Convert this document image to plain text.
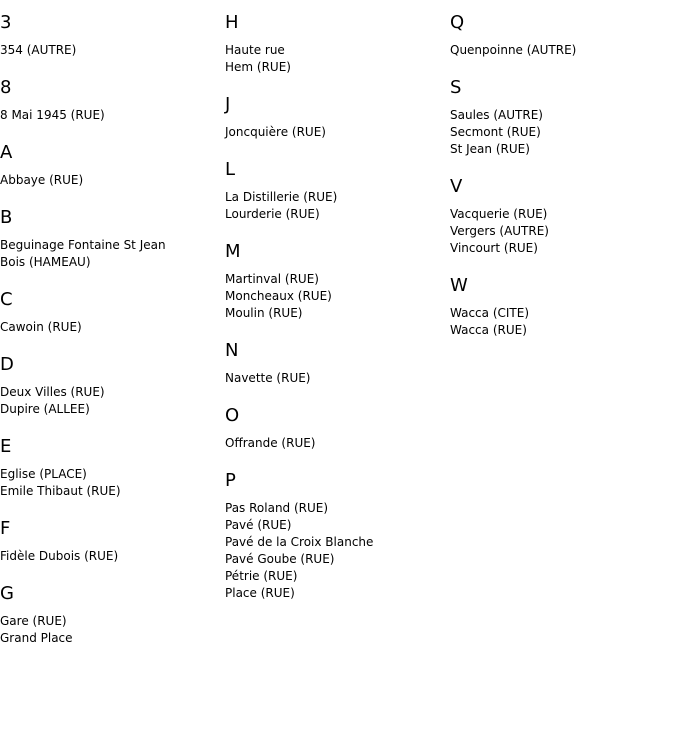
3
354 (AUTRE)
8
8 Mai 1945 (RUE)
A
Abbaye (RUE)
B
Beguinage Fontaine St Jean
Bois (HAMEAU)
C
Cawoin (RUE)
D
Deux Villes (RUE)
Dupire (ALLEE)
E
Eglise (PLACE)
Emile Thibaut (RUE)
F
Fidèle Dubois (RUE)
G
Gare (RUE)
Grand Place
H
Haute rue
Hem (RUE)
J
Joncquière (RUE)
L
La Distillerie (RUE)
Lourderie (RUE)
M
Martinval (RUE)
Moncheaux (RUE)
Moulin (RUE)
N
Navette (RUE)
O
Offrande (RUE)
P
Pas Roland (RUE)
Pavé (RUE)
Pavé de la Croix Blanche
Pavé Goube (RUE)
Pétrie (RUE)
Place (RUE)
Q
Quenpoinne (AUTRE)
S
Saules (AUTRE)
Secmont (RUE)
St Jean (RUE)
V
Vacquerie (RUE)
Vergers (AUTRE)
Vincourt (RUE)
W
Wacca (CITE)
Wacca (RUE)
